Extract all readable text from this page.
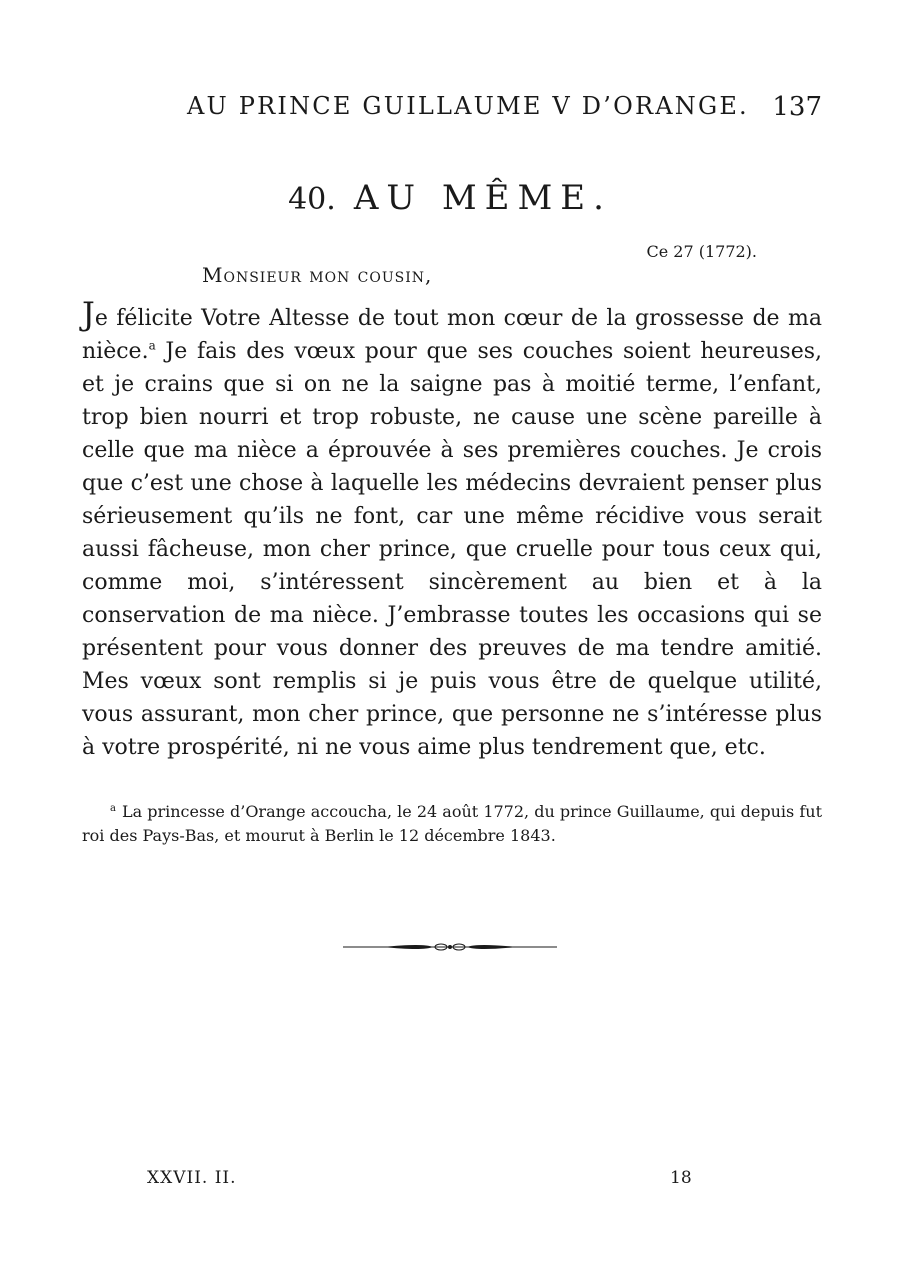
AU PRINCE GUILLAUME V D’ORANGE. 137
40. AU MÊME.
Ce 27 (1772).
Monsieur mon cousin,

Je félicite Votre Altesse de tout mon cœur de la grossesse de ma nièce.$^a$ Je fais des vœux pour que ses couches soient heureuses, et je crains que si on ne la saigne pas à moitié terme, l’enfant, trop bien nourri et trop robuste, ne cause une scène pareille à celle que ma nièce a éprouvée à ses premières couches. Je crois que c’est une chose à laquelle les médecins devraient penser plus sérieusement qu’ils ne font, car une même récidive vous serait aussi fâcheuse, mon cher prince, que cruelle pour tous ceux qui, comme moi, s’intéressent sincèrement au bien et à la conservation de ma nièce. J’embrasse toutes les occasions qui se présentent pour vous donner des preuves de ma tendre amitié. Mes vœux sont remplis si je puis vous être de quelque utilité, vous assurant, mon cher prince, que personne ne s’intéresse plus à votre prospérité, ni ne vous aime plus tendrement que, etc.

$^a$ La princesse d’Orange accoucha, le 24 août 1772, du prince Guillaume, qui depuis fut roi des Pays-Bas, et mourut à Berlin le 12 décembre 1843.

XXVII. II.	18
